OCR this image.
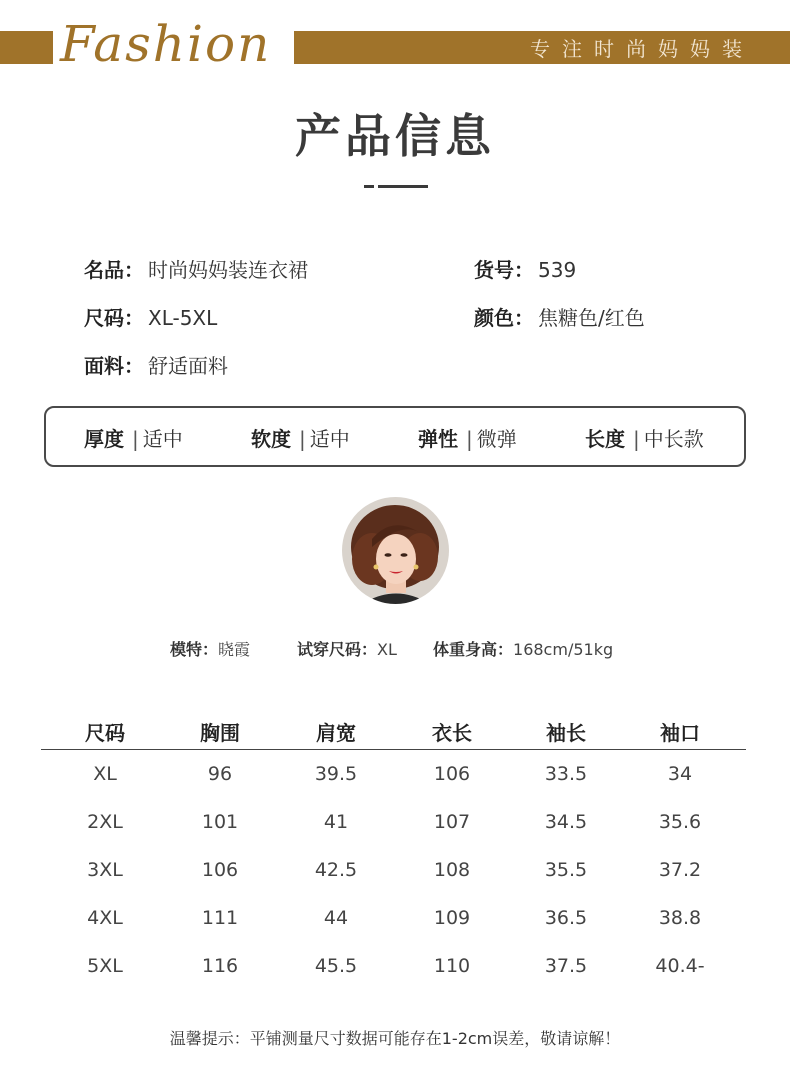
Fashion	专注时尚妈妈装
产品信息
名品： 时尚妈妈装连衣裙	货号： 539
尺码： XL-5XL	颜色： 焦糖色/红色
面料： 舒适面料
厚度 | 适中	软度 | 适中	弹性 | 微弹	长度 | 中长款
模特：晓霞	试穿尺码：XL 体重身高：168cm/51kg
尺码	胸围	肩宽	衣长	袖长	袖口
XL	96	39.5	106	33.5	34
2XL	101	41	107	34.5	35.6
3XL	106	42.5	108	35.5	37.2
4XL	111	44	109	36.5	38.8
5XL	116	45.5	110	37.5	40.4-
温馨提示：平铺测量尺寸数据可能存在1-2cm误差，敬请谅解！
